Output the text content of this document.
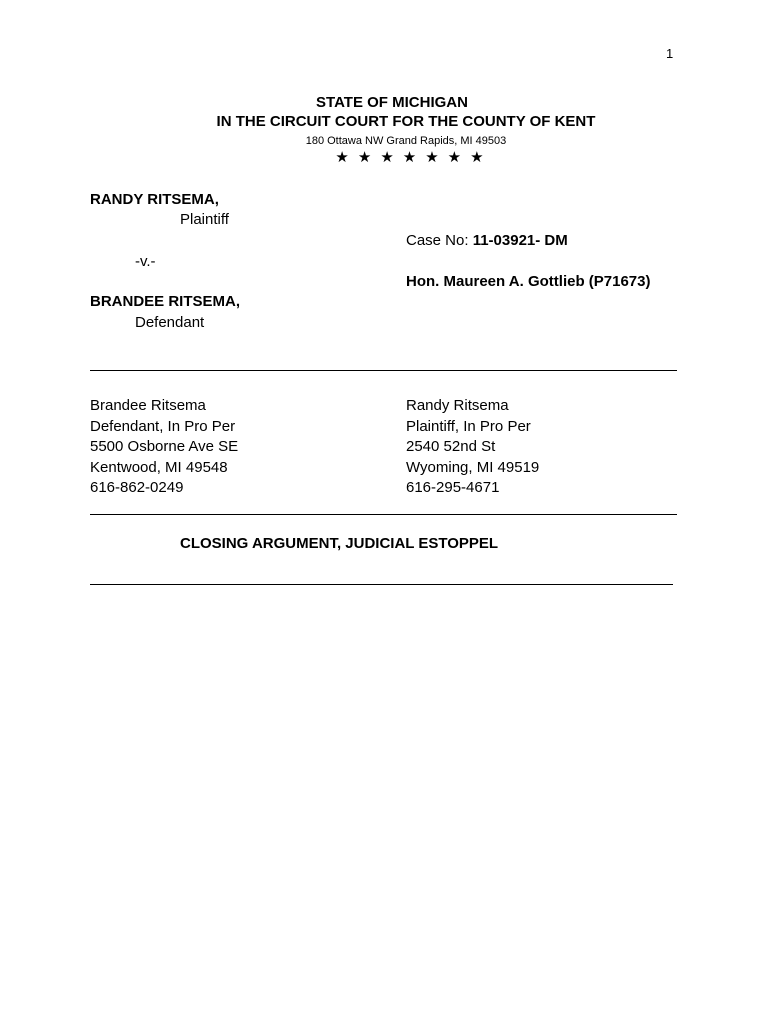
1
STATE OF MICHIGAN
IN THE CIRCUIT COURT FOR THE COUNTY OF KENT
180 Ottawa NW Grand Rapids, MI 49503
★★★★★★★
RANDY RITSEMA,
Plaintiff
Case No: 11-03921- DM
-v.-
Hon. Maureen A. Gottlieb (P71673)
BRANDEE RITSEMA,
Defendant
Brandee Ritsema
Defendant, In Pro Per
5500 Osborne Ave SE
Kentwood, MI 49548
616-862-0249
Randy Ritsema
Plaintiff, In Pro Per
2540 52nd St
Wyoming, MI 49519
616-295-4671
CLOSING ARGUMENT, JUDICIAL ESTOPPEL
